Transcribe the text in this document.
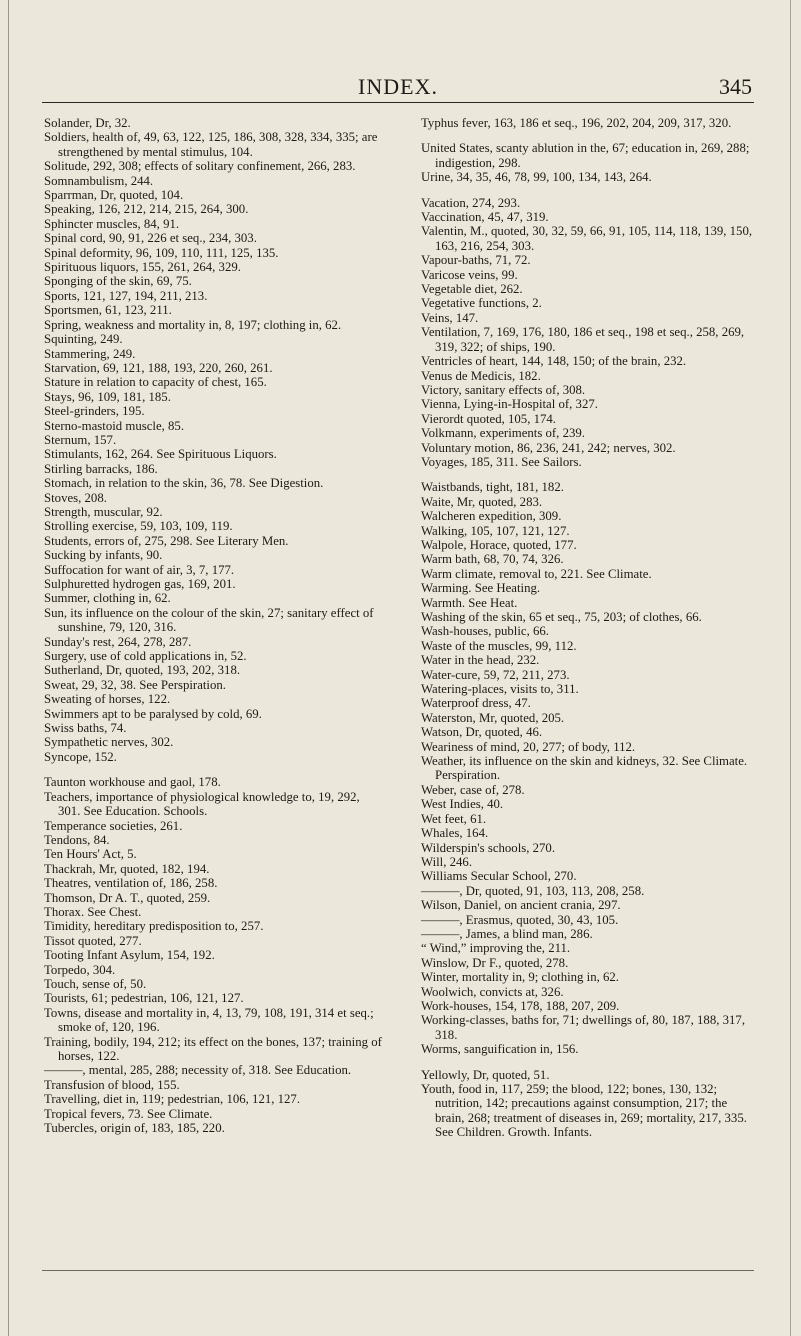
INDEX.	345

Solander, Dr, 32.

Soldiers, health of, 49, 63, 122, 125, 186, 308, 328, 334, 335; are strengthened by mental stimulus, 104.

Solitude, 292, 308; effects of solitary confinement, 266, 283.

Somnambulism, 244.

Sparrman, Dr, quoted, 104.

Speaking, 126, 212, 214, 215, 264, 300.

Sphincter muscles, 84, 91.

Spinal cord, 90, 91, 226 et seq., 234, 303.

Spinal deformity, 96, 109, 110, 111, 125, 135.

Spirituous liquors, 155, 261, 264, 329.

Sponging of the skin, 69, 75.

Sports, 121, 127, 194, 211, 213.

Sportsmen, 61, 123, 211.

Spring, weakness and mortality in, 8, 197; clothing in, 62.

Squinting, 249.

Stammering, 249.

Starvation, 69, 121, 188, 193, 220, 260, 261.

Stature in relation to capacity of chest, 165.

Stays, 96, 109, 181, 185.

Steel-grinders, 195.

Sterno-mastoid muscle, 85.

Sternum, 157.

Stimulants, 162, 264. See Spirituous Liquors.

Stirling barracks, 186.

Stomach, in relation to the skin, 36, 78. See Digestion.

Stoves, 208.

Strength, muscular, 92.

Strolling exercise, 59, 103, 109, 119.

Students, errors of, 275, 298. See Literary Men.

Sucking by infants, 90.

Suffocation for want of air, 3, 7, 177.

Sulphuretted hydrogen gas, 169, 201.

Summer, clothing in, 62.

Sun, its influence on the colour of the skin, 27; sanitary effect of sunshine, 79, 120, 316.

Sunday's rest, 264, 278, 287.

Surgery, use of cold applications in, 52.

Sutherland, Dr, quoted, 193, 202, 318.

Sweat, 29, 32, 38. See Perspiration.

Sweating of horses, 122.

Swimmers apt to be paralysed by cold, 69.

Swiss baths, 74.

Sympathetic nerves, 302.

Syncope, 152.

Taunton workhouse and gaol, 178.

Teachers, importance of physiological knowledge to, 19, 292, 301. See Education. Schools.

Temperance societies, 261.

Tendons, 84.

Ten Hours' Act, 5.

Thackrah, Mr, quoted, 182, 194.

Theatres, ventilation of, 186, 258.

Thomson, Dr A. T., quoted, 259.

Thorax. See Chest.

Timidity, hereditary predisposition to, 257.

Tissot quoted, 277.

Tooting Infant Asylum, 154, 192.

Torpedo, 304.

Touch, sense of, 50.

Tourists, 61; pedestrian, 106, 121, 127.

Towns, disease and mortality in, 4, 13, 79, 108, 191, 314 et seq.; smoke of, 120, 196.

Training, bodily, 194, 212; its effect on the bones, 137; training of horses, 122.

———, mental, 285, 288; necessity of, 318. See Education.

Transfusion of blood, 155.

Travelling, diet in, 119; pedestrian, 106, 121, 127.

Tropical fevers, 73. See Climate.

Tubercles, origin of, 183, 185, 220.

Typhus fever, 163, 186 et seq., 196, 202, 204, 209, 317, 320.

United States, scanty ablution in the, 67; education in, 269, 288; indigestion, 298.

Urine, 34, 35, 46, 78, 99, 100, 134, 143, 264.

Vacation, 274, 293.

Vaccination, 45, 47, 319.

Valentin, M., quoted, 30, 32, 59, 66, 91, 105, 114, 118, 139, 150, 163, 216, 254, 303.

Vapour-baths, 71, 72.

Varicose veins, 99.

Vegetable diet, 262.

Vegetative functions, 2.

Veins, 147.

Ventilation, 7, 169, 176, 180, 186 et seq., 198 et seq., 258, 269, 319, 322; of ships, 190.

Ventricles of heart, 144, 148, 150; of the brain, 232.

Venus de Medicis, 182.

Victory, sanitary effects of, 308.

Vienna, Lying-in-Hospital of, 327.

Vierordt quoted, 105, 174.

Volkmann, experiments of, 239.

Voluntary motion, 86, 236, 241, 242; nerves, 302.

Voyages, 185, 311. See Sailors.

Waistbands, tight, 181, 182.

Waite, Mr, quoted, 283.

Walcheren expedition, 309.

Walking, 105, 107, 121, 127.

Walpole, Horace, quoted, 177.

Warm bath, 68, 70, 74, 326.

Warm climate, removal to, 221. See Climate.

Warming. See Heating.

Warmth. See Heat.

Washing of the skin, 65 et seq., 75, 203; of clothes, 66.

Wash-houses, public, 66.

Waste of the muscles, 99, 112.

Water in the head, 232.

Water-cure, 59, 72, 211, 273.

Watering-places, visits to, 311.

Waterproof dress, 47.

Waterston, Mr, quoted, 205.

Watson, Dr, quoted, 46.

Weariness of mind, 20, 277; of body, 112.

Weather, its influence on the skin and kidneys, 32. See Climate. Perspiration.

Weber, case of, 278.

West Indies, 40.

Wet feet, 61.

Whales, 164.

Wilderspin's schools, 270.

Will, 246.

Williams Secular School, 270.

———, Dr, quoted, 91, 103, 113, 208, 258.

Wilson, Daniel, on ancient crania, 297.

———, Erasmus, quoted, 30, 43, 105.

———, James, a blind man, 286.

“ Wind,” improving the, 211.

Winslow, Dr F., quoted, 278.

Winter, mortality in, 9; clothing in, 62.

Woolwich, convicts at, 326.

Work-houses, 154, 178, 188, 207, 209.

Working-classes, baths for, 71; dwellings of, 80, 187, 188, 317, 318.

Worms, sanguification in, 156.

Yellowly, Dr, quoted, 51.

Youth, food in, 117, 259; the blood, 122; bones, 130, 132; nutrition, 142; precautions against consumption, 217; the brain, 268; treatment of diseases in, 269; mortality, 217, 335. See Children. Growth. Infants.
